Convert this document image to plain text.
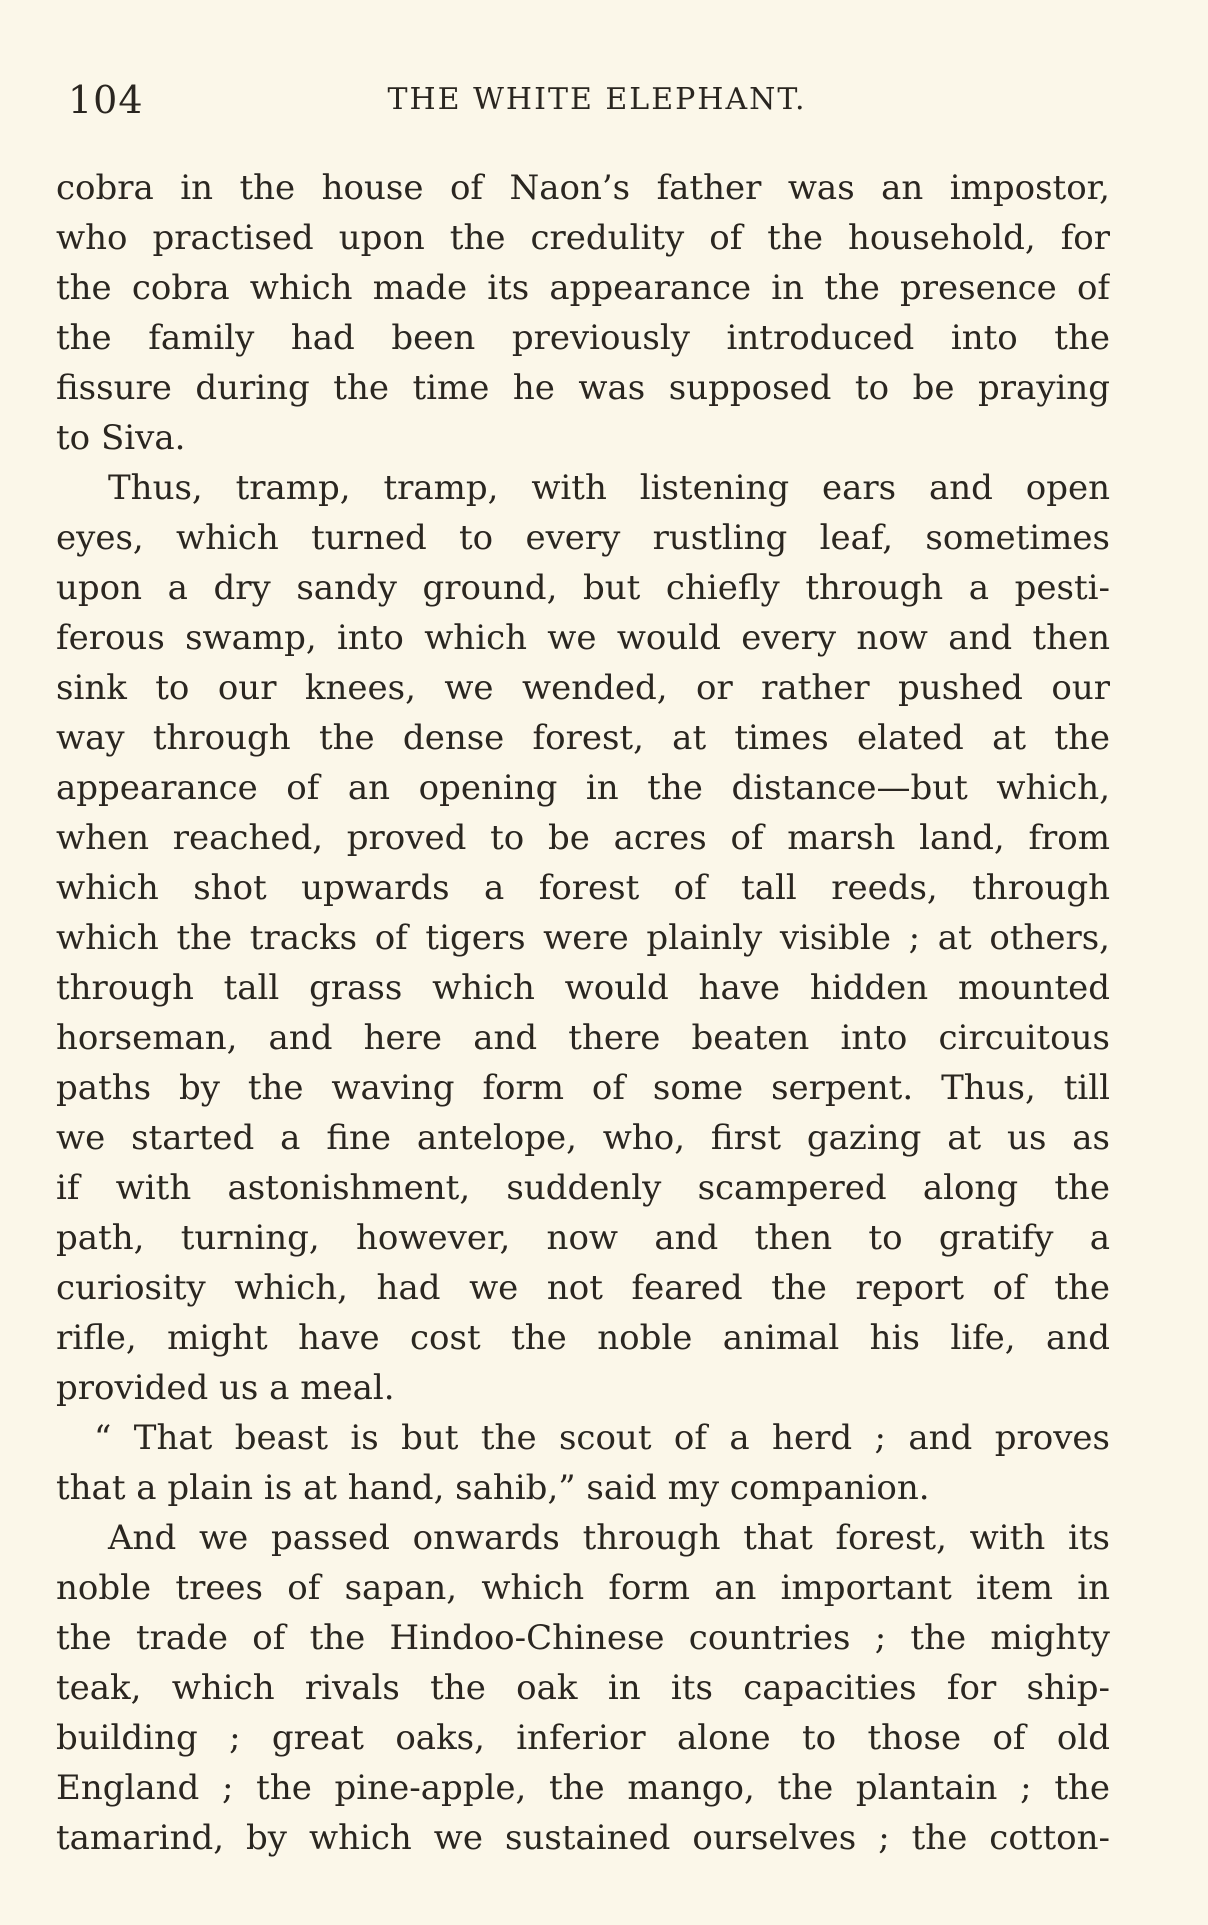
104	THE WHITE ELEPHANT.
cobra in the house of Naon’s father was an impostor,
who practised upon the credulity of the household, for
the cobra which made its appearance in the presence of
the family had been previously introduced into the
fissure during the time he was supposed to be praying
to Siva.
Thus, tramp, tramp, with listening ears and open
eyes, which turned to every rustling leaf, sometimes
upon a dry sandy ground, but chiefly through a pesti-
ferous swamp, into which we would every now and then
sink to our knees, we wended, or rather pushed our
way through the dense forest, at times elated at the
appearance of an opening in the distance—but which,
when reached, proved to be acres of marsh land, from
which shot upwards a forest of tall reeds, through
which the tracks of tigers were plainly visible ; at others,
through tall grass which would have hidden mounted
horseman, and here and there beaten into circuitous
paths by the waving form of some serpent. Thus, till
we started a fine antelope, who, first gazing at us as
if with astonishment, suddenly scampered along the
path, turning, however, now and then to gratify a
curiosity which, had we not feared the report of the
rifle, might have cost the noble animal his life, and
provided us a meal.
“ That beast is but the scout of a herd ; and proves
that a plain is at hand, sahib,” said my companion.
And we passed onwards through that forest, with its
noble trees of sapan, which form an important item in
the trade of the Hindoo-Chinese countries ; the mighty
teak, which rivals the oak in its capacities for ship-
building ; great oaks, inferior alone to those of old
England ; the pine-apple, the mango, the plantain ; the
tamarind, by which we sustained ourselves ; the cotton-
